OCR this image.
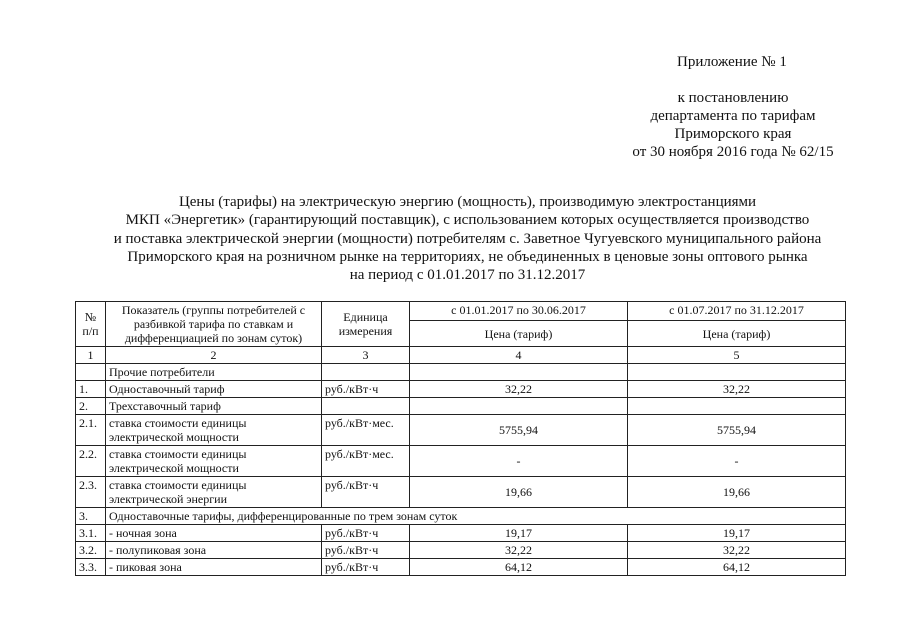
Приложение № 1
к постановлению
департамента по тарифам
Приморского края
от 30 ноября 2016 года № 62/15
Цены (тарифы) на электрическую энергию (мощность), производимую электростанциями
МКП «Энергетик» (гарантирующий поставщик), с использованием которых осуществляется производство
и поставка электрической энергии (мощности) потребителям с. Заветное Чугуевского муниципального района
Приморского края на розничном рынке на территориях, не объединенных в ценовые зоны оптового рынка
на период с 01.01.2017 по 31.12.2017
№ п/п	Показатель (группы потребителей с разбивкой тарифа по ставкам и дифференциацией по зонам суток)	Единица измерения	с 01.01.2017 по 30.06.2017	с 01.07.2017 по 31.12.2017
			Цена (тариф)	Цена (тариф)
1	2	3	4	5
	Прочие потребители			
1.	Одноставочный тариф	руб./кВт·ч	32,22	32,22
2.	Трехставочный тариф			
2.1.	ставка стоимости единицы электрической мощности	руб./кВт·мес.	5755,94	5755,94
2.2.	ставка стоимости единицы электрической мощности	руб./кВт·мес.	-	-
2.3.	ставка стоимости единицы электрической энергии	руб./кВт·ч	19,66	19,66
3.	Одноставочные тарифы, дифференцированные по трем зонам суток			
3.1.	- ночная зона	руб./кВт·ч	19,17	19,17
3.2.	- полупиковая зона	руб./кВт·ч	32,22	32,22
3.3.	- пиковая зона	руб./кВт·ч	64,12	64,12
